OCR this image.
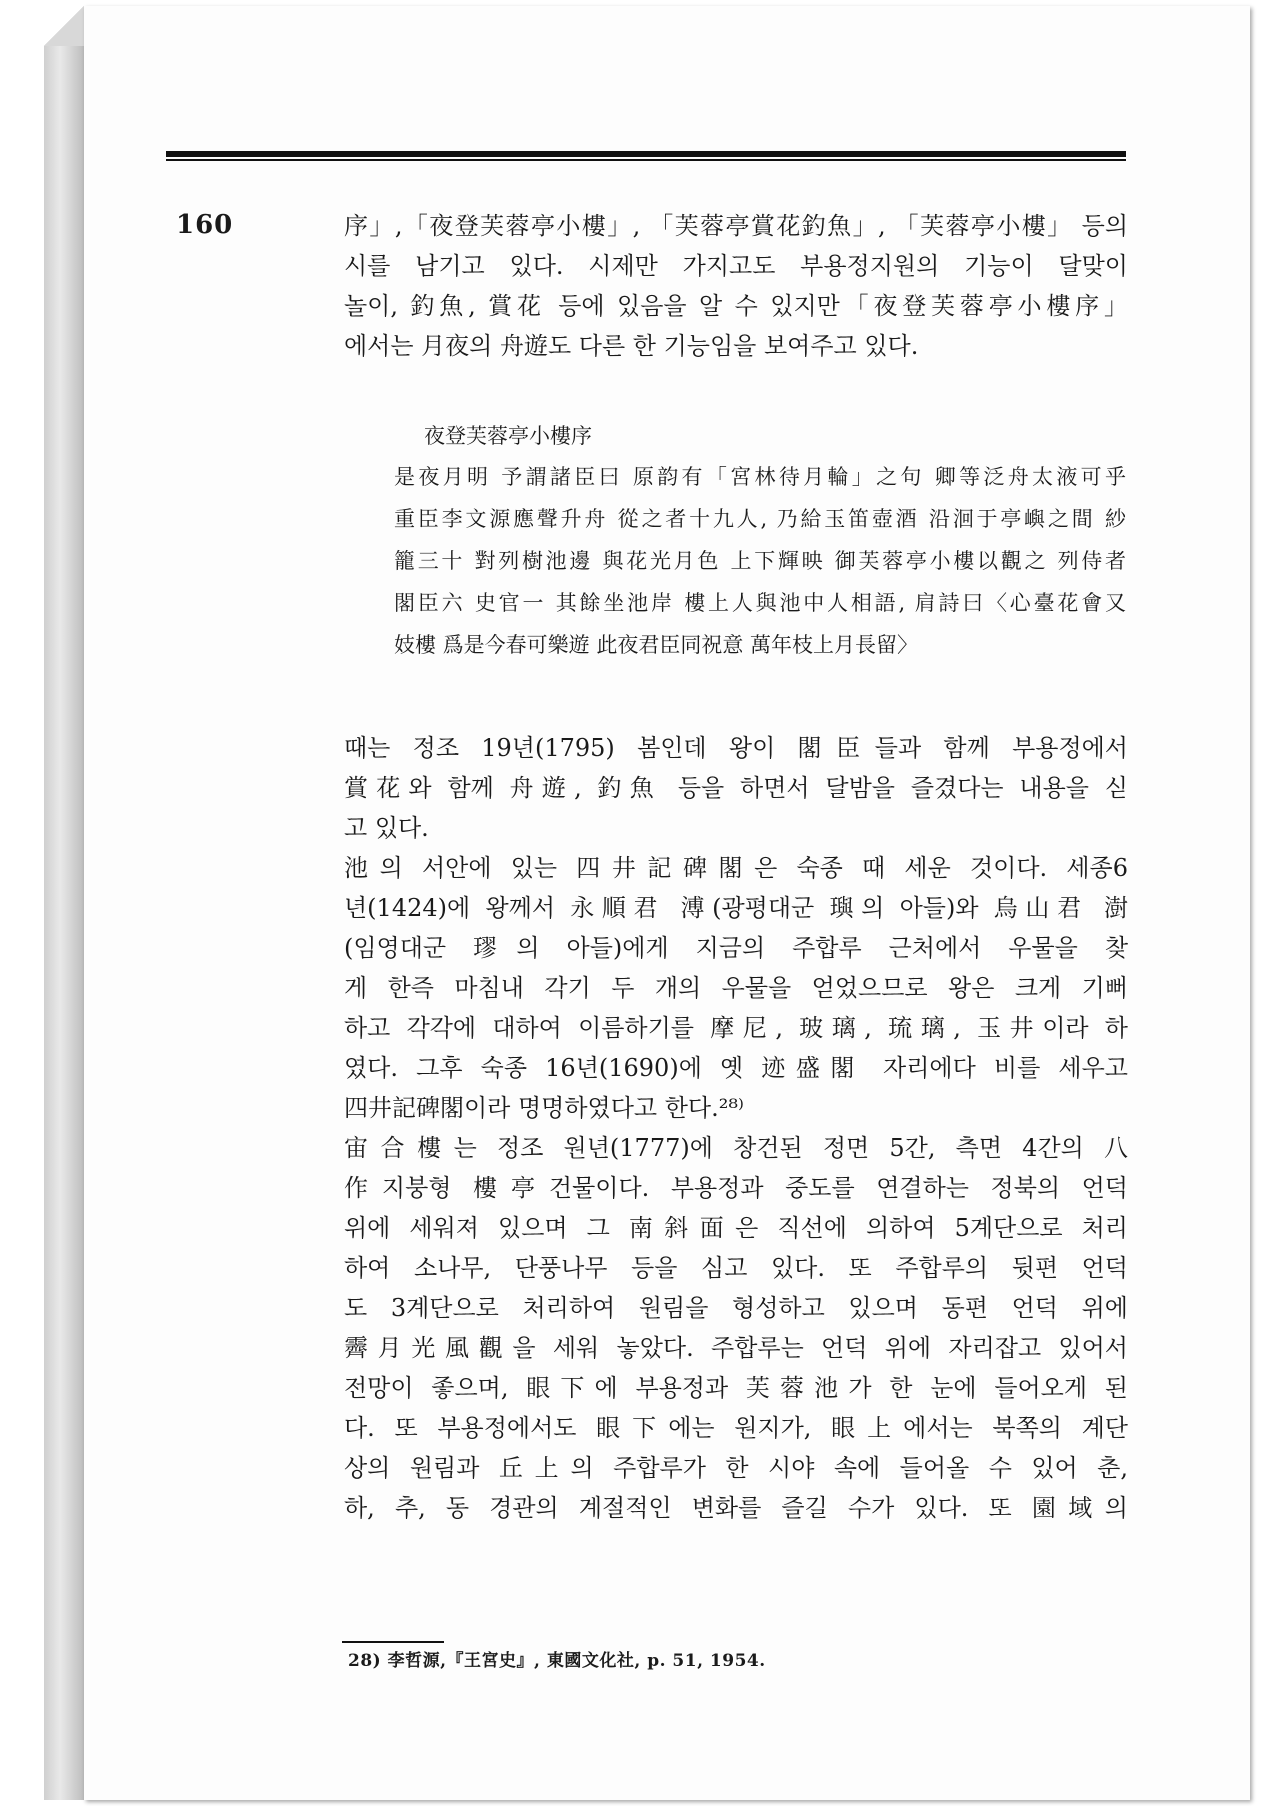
160	序」,「夜登芙蓉亭小樓」, 「芙蓉亭賞花釣魚」, 「芙蓉亭小樓」 등의
시를 남기고 있다. 시제만 가지고도 부용정지원의 기능이 달맞이
놀이, 釣魚, 賞花 등에 있음을 알 수 있지만「夜登芙蓉亭小樓序」
에서는 月夜의 舟遊도 다른 한 기능임을 보여주고 있다.
夜登芙蓉亭小樓序
是夜月明 予謂諸臣曰 原韵有「宮林待月輪」之句 卿等泛舟太液可乎
重臣李文源應聲升舟 從之者十九人, 乃給玉笛壺酒 沿洄于亭嶼之間 紗
籠三十 對列樹池邊 與花光月色 上下輝映 御芙蓉亭小樓以觀之 列侍者
閣臣六 史官一 其餘坐池岸 樓上人與池中人相語, 肩詩曰〈心臺花會又
妓樓 爲是今春可樂遊 此夜君臣同祝意 萬年枝上月長留〉
때는 정조 19년(1795) 봄인데 왕이 閣臣들과 함께 부용정에서
賞花와 함께 舟遊, 釣魚 등을 하면서 달밤을 즐겼다는 내용을 싣
고 있다.
池의 서안에 있는 四井記碑閣은 숙종 때 세운 것이다. 세종6
년(1424)에 왕께서 永順君 溥(광평대군 璵의 아들)와 烏山君 澍
(임영대군 璆의 아들)에게 지금의 주합루 근처에서 우물을 찾
게 한즉 마침내 각기 두 개의 우물을 얻었으므로 왕은 크게 기뻐
하고 각각에 대하여 이름하기를 摩尼, 玻璃, 琉璃, 玉井이라 하
였다. 그후 숙종 16년(1690)에 옛 迹盛閣 자리에다 비를 세우고
四井記碑閣이라 명명하였다고 한다.²⁸⁾
宙合樓는 정조 원년(1777)에 창건된 정면 5간, 측면 4간의 八
作지붕형 樓亭건물이다. 부용정과 중도를 연결하는 정북의 언덕
위에 세워져 있으며 그 南斜面은 직선에 의하여 5계단으로 처리
하여 소나무, 단풍나무 등을 심고 있다. 또 주합루의 뒷편 언덕
도 3계단으로 처리하여 원림을 형성하고 있으며 동편 언덕 위에
霽月光風觀을 세워 놓았다. 주합루는 언덕 위에 자리잡고 있어서
전망이 좋으며, 眼下에 부용정과 芙蓉池가 한 눈에 들어오게 된
다. 또 부용정에서도 眼下에는 원지가, 眼上에서는 북쪽의 계단
상의 원림과 丘上의 주합루가 한 시야 속에 들어올 수 있어 춘,
하, 추, 동 경관의 계절적인 변화를 즐길 수가 있다. 또 園域의
28) 李哲源,『王宮史』, 東國文化社, p. 51, 1954.
